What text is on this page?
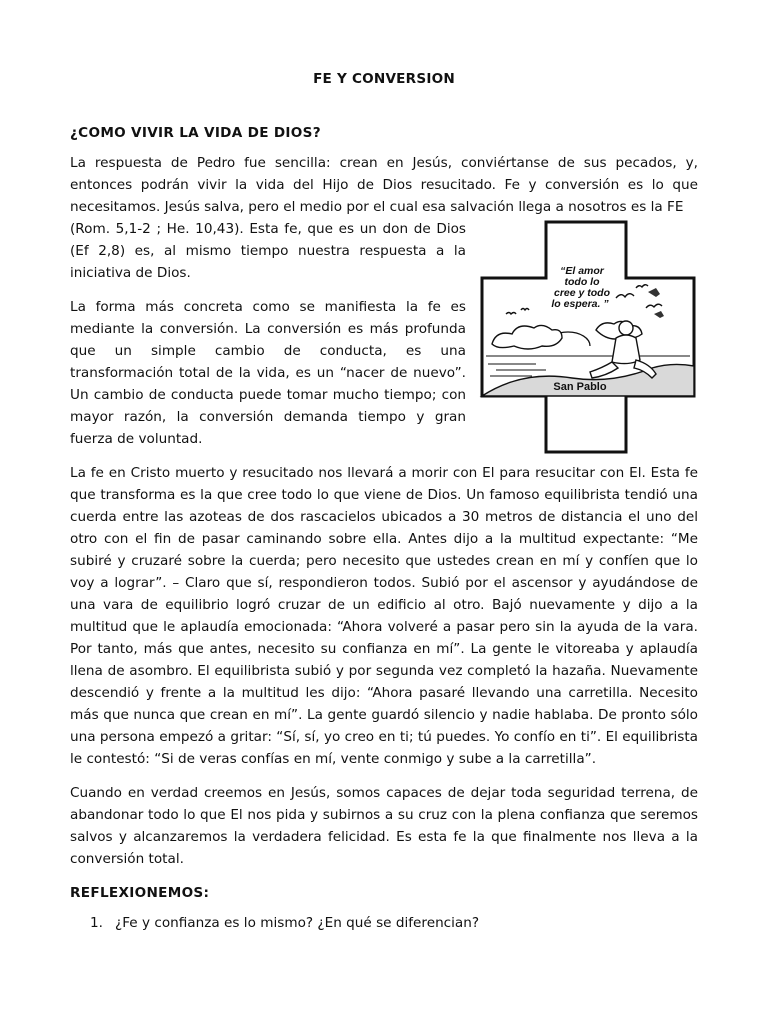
FE Y CONVERSION
¿COMO VIVIR LA VIDA DE DIOS?

La respuesta de Pedro fue sencilla: crean en Jesús, conviértanse de sus pecados, y, entonces podrán vivir la vida del Hijo de Dios resucitado. Fe y conversión es lo que necesitamos. Jesús salva, pero el medio por el cual esa salvación llega a nosotros es la FE

“El amor
todo lo
cree y todo
lo espera. ”
San Pablo

(Rom. 5,1-2 ; He. 10,43). Esta fe, que es un don de Dios (Ef 2,8) es, al mismo tiempo nuestra respuesta a la iniciativa de Dios.

La forma más concreta como se manifiesta la fe es mediante la conversión. La conversión es más profunda que un simple cambio de conducta, es una transformación total de la vida, es un “nacer de nuevo”. Un cambio de conducta puede tomar mucho tiempo; con mayor razón, la conversión demanda tiempo y gran fuerza de voluntad.

La fe en Cristo muerto y resucitado nos llevará a morir con El para resucitar con El. Esta fe que transforma es la que cree todo lo que viene de Dios. Un famoso equilibrista tendió una cuerda entre las azoteas de dos rascacielos ubicados a 30 metros de distancia el uno del otro con el fin de pasar caminando sobre ella. Antes dijo a la multitud expectante: “Me subiré y cruzaré sobre la cuerda; pero necesito que ustedes crean en mí y confíen que lo voy a lograr”. – Claro que sí, respondieron todos. Subió por el ascensor y ayudándose de una vara de equilibrio logró cruzar de un edificio al otro. Bajó nuevamente y dijo a la multitud que le aplaudía emocionada: “Ahora volveré a pasar pero sin la ayuda de la vara. Por tanto, más que antes, necesito su confianza en mí”. La gente le vitoreaba y aplaudía llena de asombro. El equilibrista subió y por segunda vez completó la hazaña. Nuevamente descendió y frente a la multitud les dijo: “Ahora pasaré llevando una carretilla. Necesito más que nunca que crean en mí”. La gente guardó silencio y nadie hablaba. De pronto sólo una persona empezó a gritar: “Sí, sí, yo creo en ti; tú puedes. Yo confío en ti”. El equilibrista le contestó: “Si de veras confías en mí, vente conmigo y sube a la carretilla”.

Cuando en verdad creemos en Jesús, somos capaces de dejar toda seguridad terrena, de abandonar todo lo que El nos pida y subirnos a su cruz con la plena confianza que seremos salvos y alcanzaremos la verdadera felicidad. Es esta fe la que finalmente nos lleva a la conversión total.

REFLEXIONEMOS:
1. ¿Fe y confianza es lo mismo? ¿En qué se diferencian?
